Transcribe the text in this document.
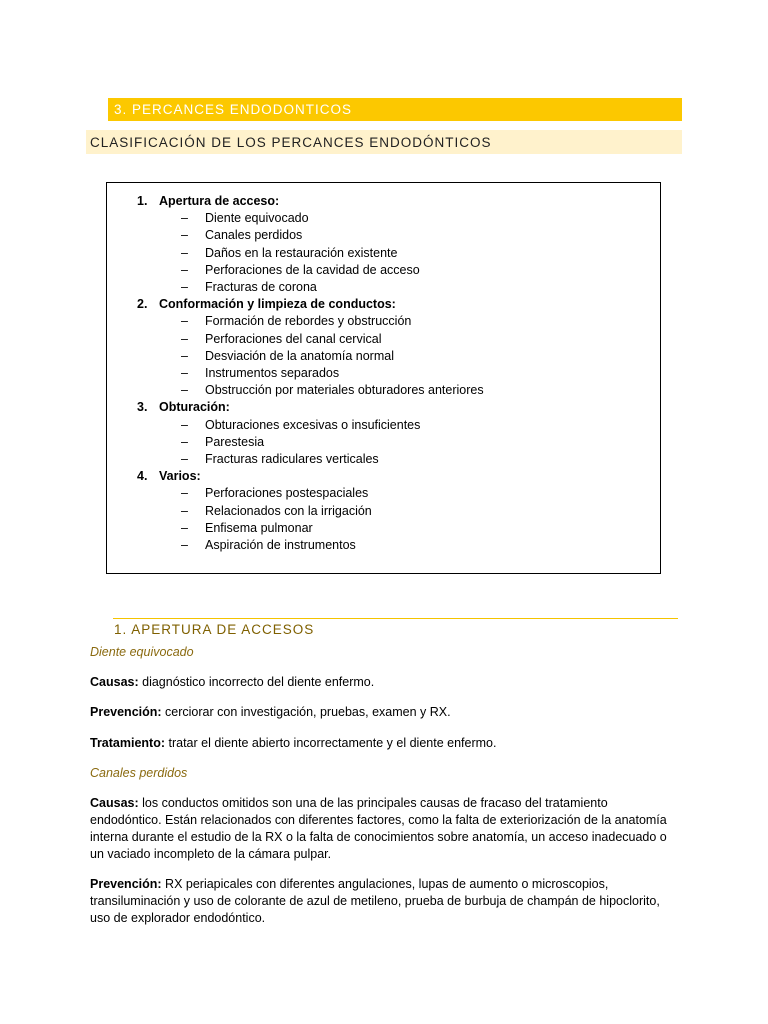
3. PERCANCES ENDODONTICOS
CLASIFICACIÓN DE LOS PERCANCES ENDODÓNTICOS
1. Apertura de acceso:
– Diente equivocado
– Canales perdidos
– Daños en la restauración existente
– Perforaciones de la cavidad de acceso
– Fracturas de corona
2. Conformación y limpieza de conductos:
– Formación de rebordes y obstrucción
– Perforaciones del canal cervical
– Desviación de la anatomía normal
– Instrumentos separados
– Obstrucción por materiales obturadores anteriores
3. Obturación:
– Obturaciones excesivas o insuficientes
– Parestesia
– Fracturas radiculares verticales
4. Varios:
– Perforaciones postespaciales
– Relacionados con la irrigación
– Enfisema pulmonar
– Aspiración de instrumentos
1. APERTURA DE ACCESOS
Diente equivocado
Causas: diagnóstico incorrecto del diente enfermo.
Prevención: cerciorar con investigación, pruebas, examen y RX.
Tratamiento: tratar el diente abierto incorrectamente y el diente enfermo.
Canales perdidos
Causas: los conductos omitidos son una de las principales causas de fracaso del tratamiento endodóntico. Están relacionados con diferentes factores, como la falta de exteriorización de la anatomía interna durante el estudio de la RX o la falta de conocimientos sobre anatomía, un acceso inadecuado o un vaciado incompleto de la cámara pulpar.
Prevención: RX periapicales con diferentes angulaciones, lupas de aumento o microscopios, transiluminación y uso de colorante de azul de metileno, prueba de burbuja de champán de hipoclorito, uso de explorador endodóntico.
